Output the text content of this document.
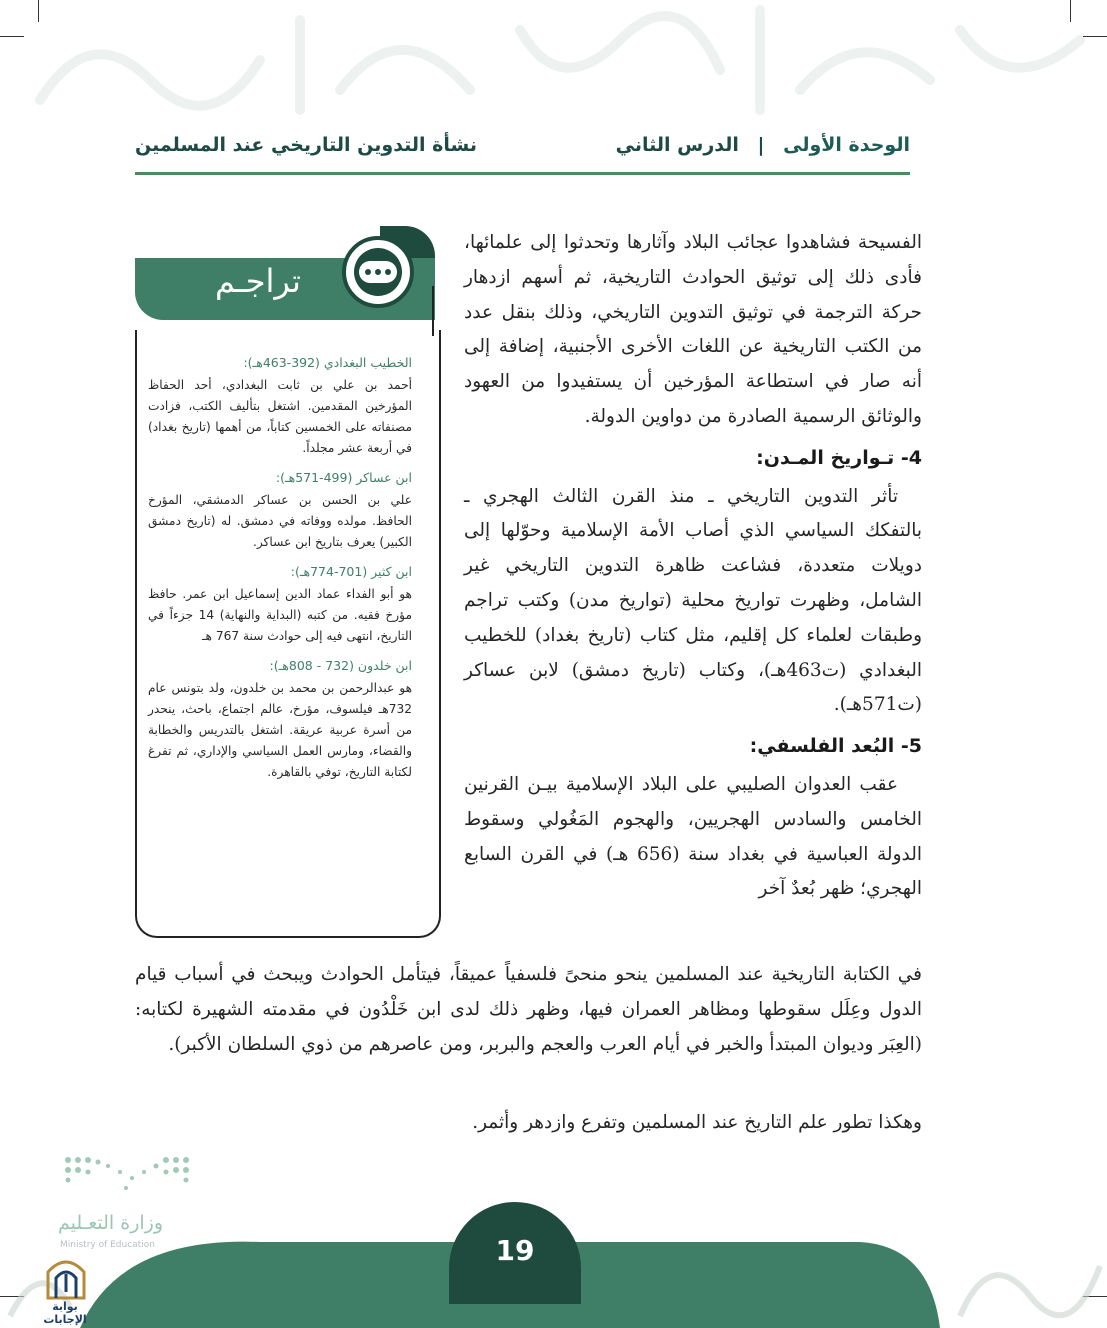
الوحدة الأولى | الدرس الثاني
نشأة التدوين التاريخي عند المسلمين

الفسيحة فشاهدوا عجائب البلاد وآثارها وتحدثوا إلى علمائها، فأدى ذلك إلى توثيق الحوادث التاريخية، ثم أسهم ازدهار حركة الترجمة في توثيق التدوين التاريخي، وذلك بنقل عدد من الكتب التاريخية عن اللغات الأخرى الأجنبية، إضافة إلى أنه صار في استطاعة المؤرخين أن يستفيدوا من العهود والوثائق الرسمية الصادرة من دواوين الدولة.

4- تـواريخ المـدن:

تأثر التدوين التاريخي ـ منذ القرن الثالث الهجري ـ بالتفكك السياسي الذي أصاب الأمة الإسلامية وحوّلها إلى دويلات متعددة، فشاعت ظاهرة التدوين التاريخي غير الشامل، وظهرت تواريخ محلية (تواريخ مدن) وكتب تراجم وطبقات لعلماء كل إقليم، مثل كتاب (تاريخ بغداد) للخطيب البغدادي (ت463هـ)، وكتاب (تاريخ دمشق) لابن عساكر (ت571هـ).

5- البُعد الفلسفي:

عقب العدوان الصليبي على البلاد الإسلامية بيـن القرنين الخامس والسادس الهجريين، والهجوم المَغُولي وسقوط الدولة العباسية في بغداد سنة (656 هـ) في القرن السابع الهجري؛ ظهر بُعدٌ آخر

في الكتابة التاريخية عند المسلمين ينحو منحىً فلسفياً عميقاً، فيتأمل الحوادث ويبحث في أسباب قيام الدول وعِلَل سقوطها ومظاهر العمران فيها، وظهر ذلك لدى ابن خَلْدُون في مقدمته الشهيرة لكتابه: (العِبَر وديوان المبتدأ والخبر في أيام العرب والعجم والبربر، ومن عاصرهم من ذوي السلطان الأكبر).
وهكذا تطور علم التاريخ عند المسلمين وتفرع وازدهر وأثمر.
تراجـم
الخطيب البغدادي (392-463هـ):

أحمد بن علي بن ثابت البغدادي، أحد الحفاظ المؤرخين المقدمين. اشتغل بتأليف الكتب، فزادت مصنفاته على الخمسين كتاباً، من أهمها (تاريخ بغداد) في أربعة عشر مجلداً.

ابن عساكر (499-571هـ):

علي بن الحسن بن عساكر الدمشقي، المؤرخ الحافظ. مولده ووفاته في دمشق. له (تاريخ دمشق الكبير) يعرف بتاريخ ابن عساكر.

ابن كثير (701-774هـ):

هو أبو الفداء عماد الدين إسماعيل ابن عمر. حافظ مؤرخ فقيه. من كتبه (البداية والنهاية) 14 جزءاً في التاريخ، انتهى فيه إلى حوادث سنة 767 هـ

ابن خلدون (732 - 808هـ):

هو عبدالرحمن بن محمد بن خلدون، ولد بتونس عام 732هـ فيلسوف، مؤرخ، عالم اجتماع، باحث، ينحدر من أسرة عربية عريقة. اشتغل بالتدريس والخطابة والقضاء، ومارس العمل السياسي والإداري، ثم تفرغ لكتابة التاريخ، توفي بالقاهرة.

وزارة التعـليم
Ministry of Education	19
بوابة الإجابات
